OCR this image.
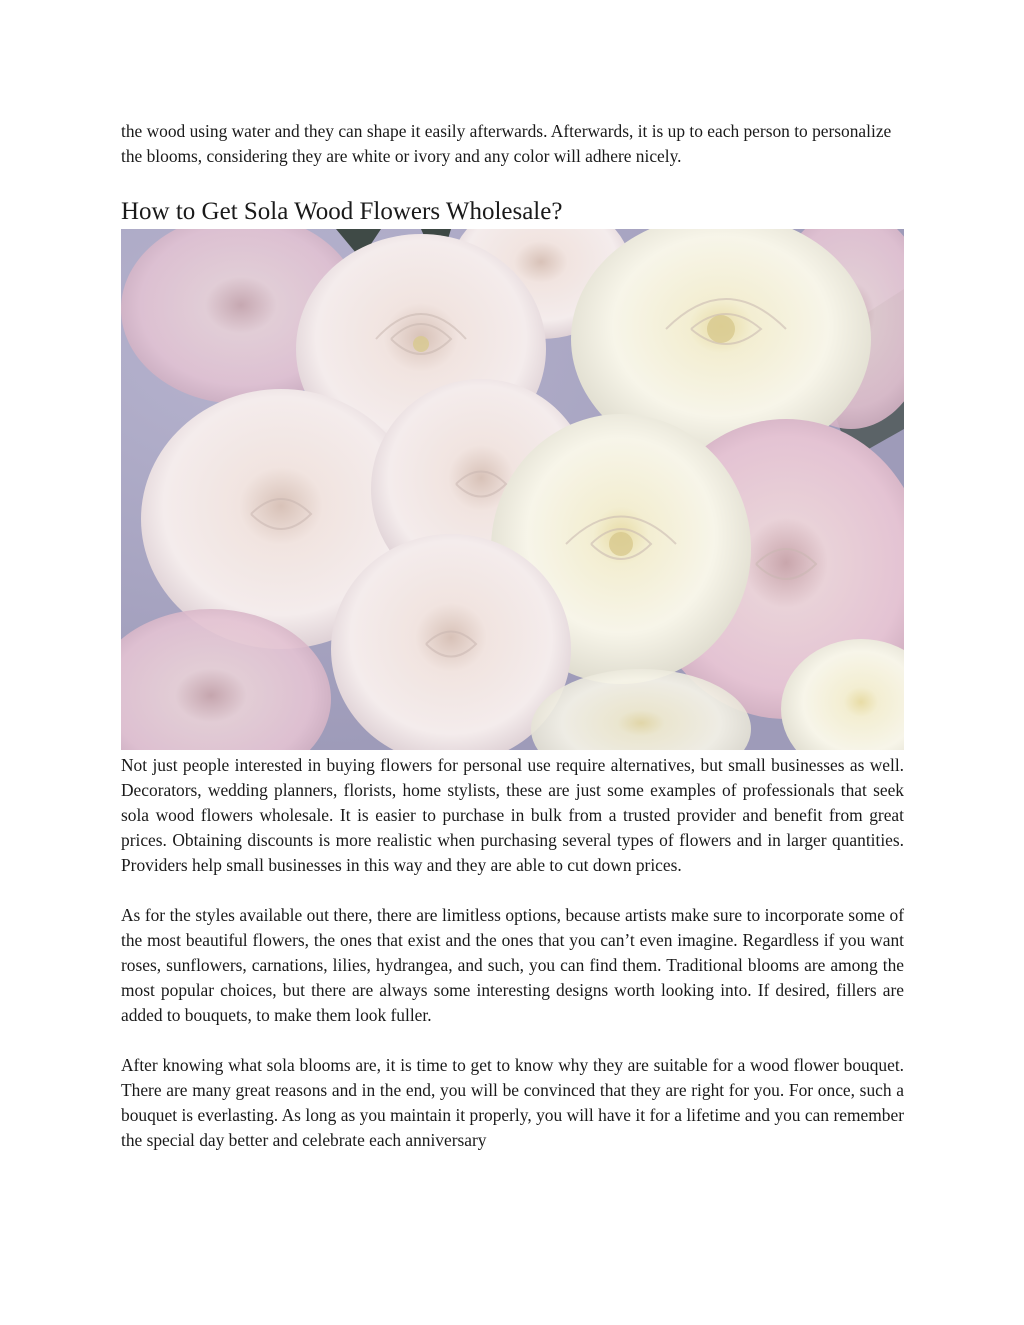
the wood using water and they can shape it easily afterwards. Afterwards, it is up to each person to personalize the blooms, considering they are white or ivory and any color will adhere nicely.

How to Get Sola Wood Flowers Wholesale?

Not just people interested in buying flowers for personal use require alternatives, but small businesses as well. Decorators, wedding planners, florists, home stylists, these are just some examples of professionals that seek sola wood flowers wholesale. It is easier to purchase in bulk from a trusted provider and benefit from great prices. Obtaining discounts is more realistic when purchasing several types of flowers and in larger quantities. Providers help small businesses in this way and they are able to cut down prices.

As for the styles available out there, there are limitless options, because artists make sure to incorporate some of the most beautiful flowers, the ones that exist and the ones that you can’t even imagine. Regardless if you want roses, sunflowers, carnations, lilies, hydrangea, and such, you can find them. Traditional blooms are among the most popular choices, but there are always some interesting designs worth looking into. If desired, fillers are added to bouquets, to make them look fuller.

After knowing what sola blooms are, it is time to get to know why they are suitable for a wood flower bouquet. There are many great reasons and in the end, you will be convinced that they are right for you. For once, such a bouquet is everlasting. As long as you maintain it properly, you will have it for a lifetime and you can remember the special day better and celebrate each anniversary
